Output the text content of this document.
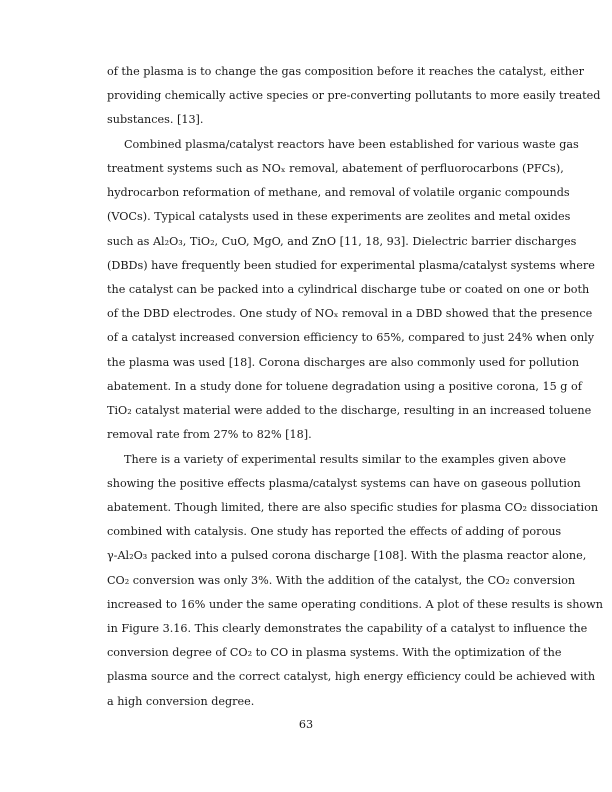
of the plasma is to change the gas composition before it reaches the catalyst, either
providing chemically active species or pre-converting pollutants to more easily treated
substances. [13].
Combined plasma/catalyst reactors have been established for various waste gas
treatment systems such as NOₓ removal, abatement of perfluorocarbons (PFCs),
hydrocarbon reformation of methane, and removal of volatile organic compounds
(VOCs). Typical catalysts used in these experiments are zeolites and metal oxides
such as Al₂O₃, TiO₂, CuO, MgO, and ZnO [11, 18, 93]. Dielectric barrier discharges
(DBDs) have frequently been studied for experimental plasma/catalyst systems where
the catalyst can be packed into a cylindrical discharge tube or coated on one or both
of the DBD electrodes. One study of NOₓ removal in a DBD showed that the presence
of a catalyst increased conversion efficiency to 65%, compared to just 24% when only
the plasma was used [18]. Corona discharges are also commonly used for pollution
abatement. In a study done for toluene degradation using a positive corona, 15 g of
TiO₂ catalyst material were added to the discharge, resulting in an increased toluene
removal rate from 27% to 82% [18].
There is a variety of experimental results similar to the examples given above
showing the positive effects plasma/catalyst systems can have on gaseous pollution
abatement. Though limited, there are also specific studies for plasma CO₂ dissociation
combined with catalysis. One study has reported the effects of adding of porous
γ-Al₂O₃ packed into a pulsed corona discharge [108]. With the plasma reactor alone,
CO₂ conversion was only 3%. With the addition of the catalyst, the CO₂ conversion
increased to 16% under the same operating conditions. A plot of these results is shown
in Figure 3.16. This clearly demonstrates the capability of a catalyst to influence the
conversion degree of CO₂ to CO in plasma systems. With the optimization of the
plasma source and the correct catalyst, high energy efficiency could be achieved with
a high conversion degree.
63
